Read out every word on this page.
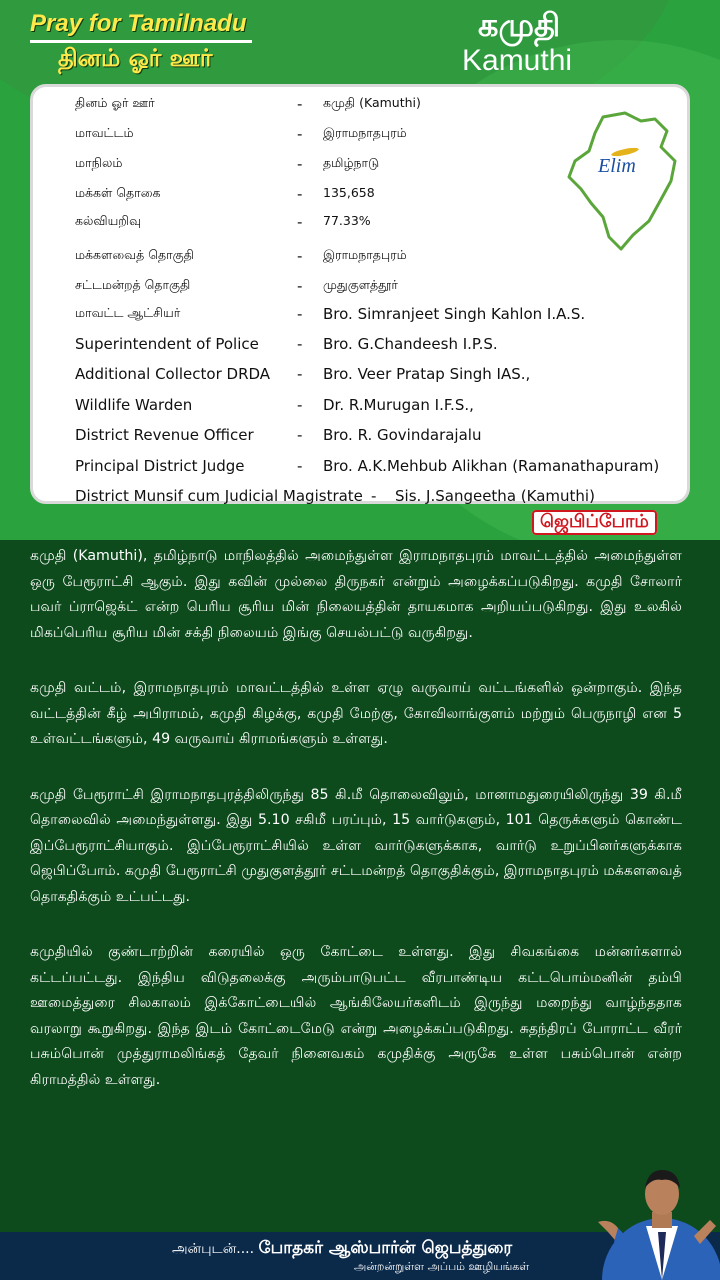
Pray for Tamilnadu
தினம் ஓர் ஊர்
கமுதி
Kamuthi
Elim
தினம் ஓர் ஊர்	- கமுதி (Kamuthi)
மாவட்டம்	- இராமநாதபுரம்
மாநிலம்	- தமிழ்நாடு
மக்கள் தொகை	- 135,658
கல்வியறிவு	- 77.33%
மக்களவைத் தொகுதி	- இராமநாதபுரம்
சட்டமன்றத் தொகுதி	- முதுகுளத்தூர்
மாவட்ட ஆட்சியர்	- Bro. Simranjeet Singh Kahlon I.A.S.
Superintendent of Police	- Bro. G.Chandeesh I.P.S.
Additional Collector DRDA - Bro. Veer Pratap Singh IAS.,
Wildlife Warden	- Dr. R.Murugan I.F.S.,
District Revenue Officer	- Bro. R. Govindarajalu
Principal District Judge	- Bro. A.K.Mehbub Alikhan (Ramanathapuram)
District Munsif cum Judicial Magistrate - Sis. J.Sangeetha (Kamuthi)
ஜெபிப்போம்

கமுதி (Kamuthi), தமிழ்நாடு மாநிலத்தில் அமைந்துள்ள இராமநாதபுரம் மாவட்டத்தில் அமைந்துள்ள ஒரு பேரூராட்சி ஆகும். இது கவின் முல்லை திருநகர் என்றும் அழைக்கப்படுகிறது. கமுதி சோலார் பவர் ப்ராஜெக்ட் என்ற பெரிய சூரிய மின் நிலையத்தின் தாயகமாக அறியப்படுகிறது. இது உலகில் மிகப்பெரிய சூரிய மின் சக்தி நிலையம் இங்கு செயல்பட்டு வருகிறது.

கமுதி வட்டம், இராமநாதபுரம் மாவட்டத்தில் உள்ள ஏழு வருவாய் வட்டங்களில் ஒன்றாகும். இந்த வட்டத்தின் கீழ் அபிராமம், கமுதி கிழக்கு, கமுதி மேற்கு, கோவிலாங்குளம் மற்றும் பெருநாழி என 5 உள்வட்டங்களும், 49 வருவாய் கிராமங்களும் உள்ளது.

கமுதி பேரூராட்சி இராமநாதபுரத்திலிருந்து 85 கி.மீ தொலைவிலும், மானாமதுரையிலிருந்து 39 கி.மீ தொலைவில் அமைந்துள்ளது. இது 5.10 சகிமீ பரப்பும், 15 வார்டுகளும், 101 தெருக்களும் கொண்ட இப்பேரூராட்சியாகும். இப்பேரூராட்சியில் உள்ள வார்டுகளுக்காக, வார்டு உறுப்பினர்களுக்காக ஜெபிப்போம். கமுதி பேரூராட்சி முதுகுளத்தூர் சட்டமன்றத் தொகுதிக்கும், இராமநாதபுரம் மக்களவைத் தொகதிக்கும் உட்பட்டது.

கமுதியில் குண்டாற்றின் கரையில் ஒரு கோட்டை உள்ளது. இது சிவகங்கை மன்னர்களால் கட்டப்பட்டது. இந்திய விடுதலைக்கு அரும்பாடுபட்ட வீரபாண்டிய கட்டபொம்மனின் தம்பி ஊமைத்துரை சிலகாலம் இக்கோட்டையில் ஆங்கிலேயர்களிடம் இருந்து மறைந்து வாழ்ந்ததாக வரலாறு கூறுகிறது. இந்த இடம் கோட்டைமேடு என்று அழைக்கப்படுகிறது. சுதந்திரப் போராட்ட வீரர் பசும்பொன் முத்துராமலிங்கத் தேவர் நினைவகம் கமுதிக்கு அருகே உள்ள பசும்பொன் என்ற கிராமத்தில் உள்ளது.

அன்புடன்.... போதகர் ஆஸ்பார்ன் ஜெபத்துரை
அன்றன்றுள்ள அப்பம் ஊழியங்கள்
